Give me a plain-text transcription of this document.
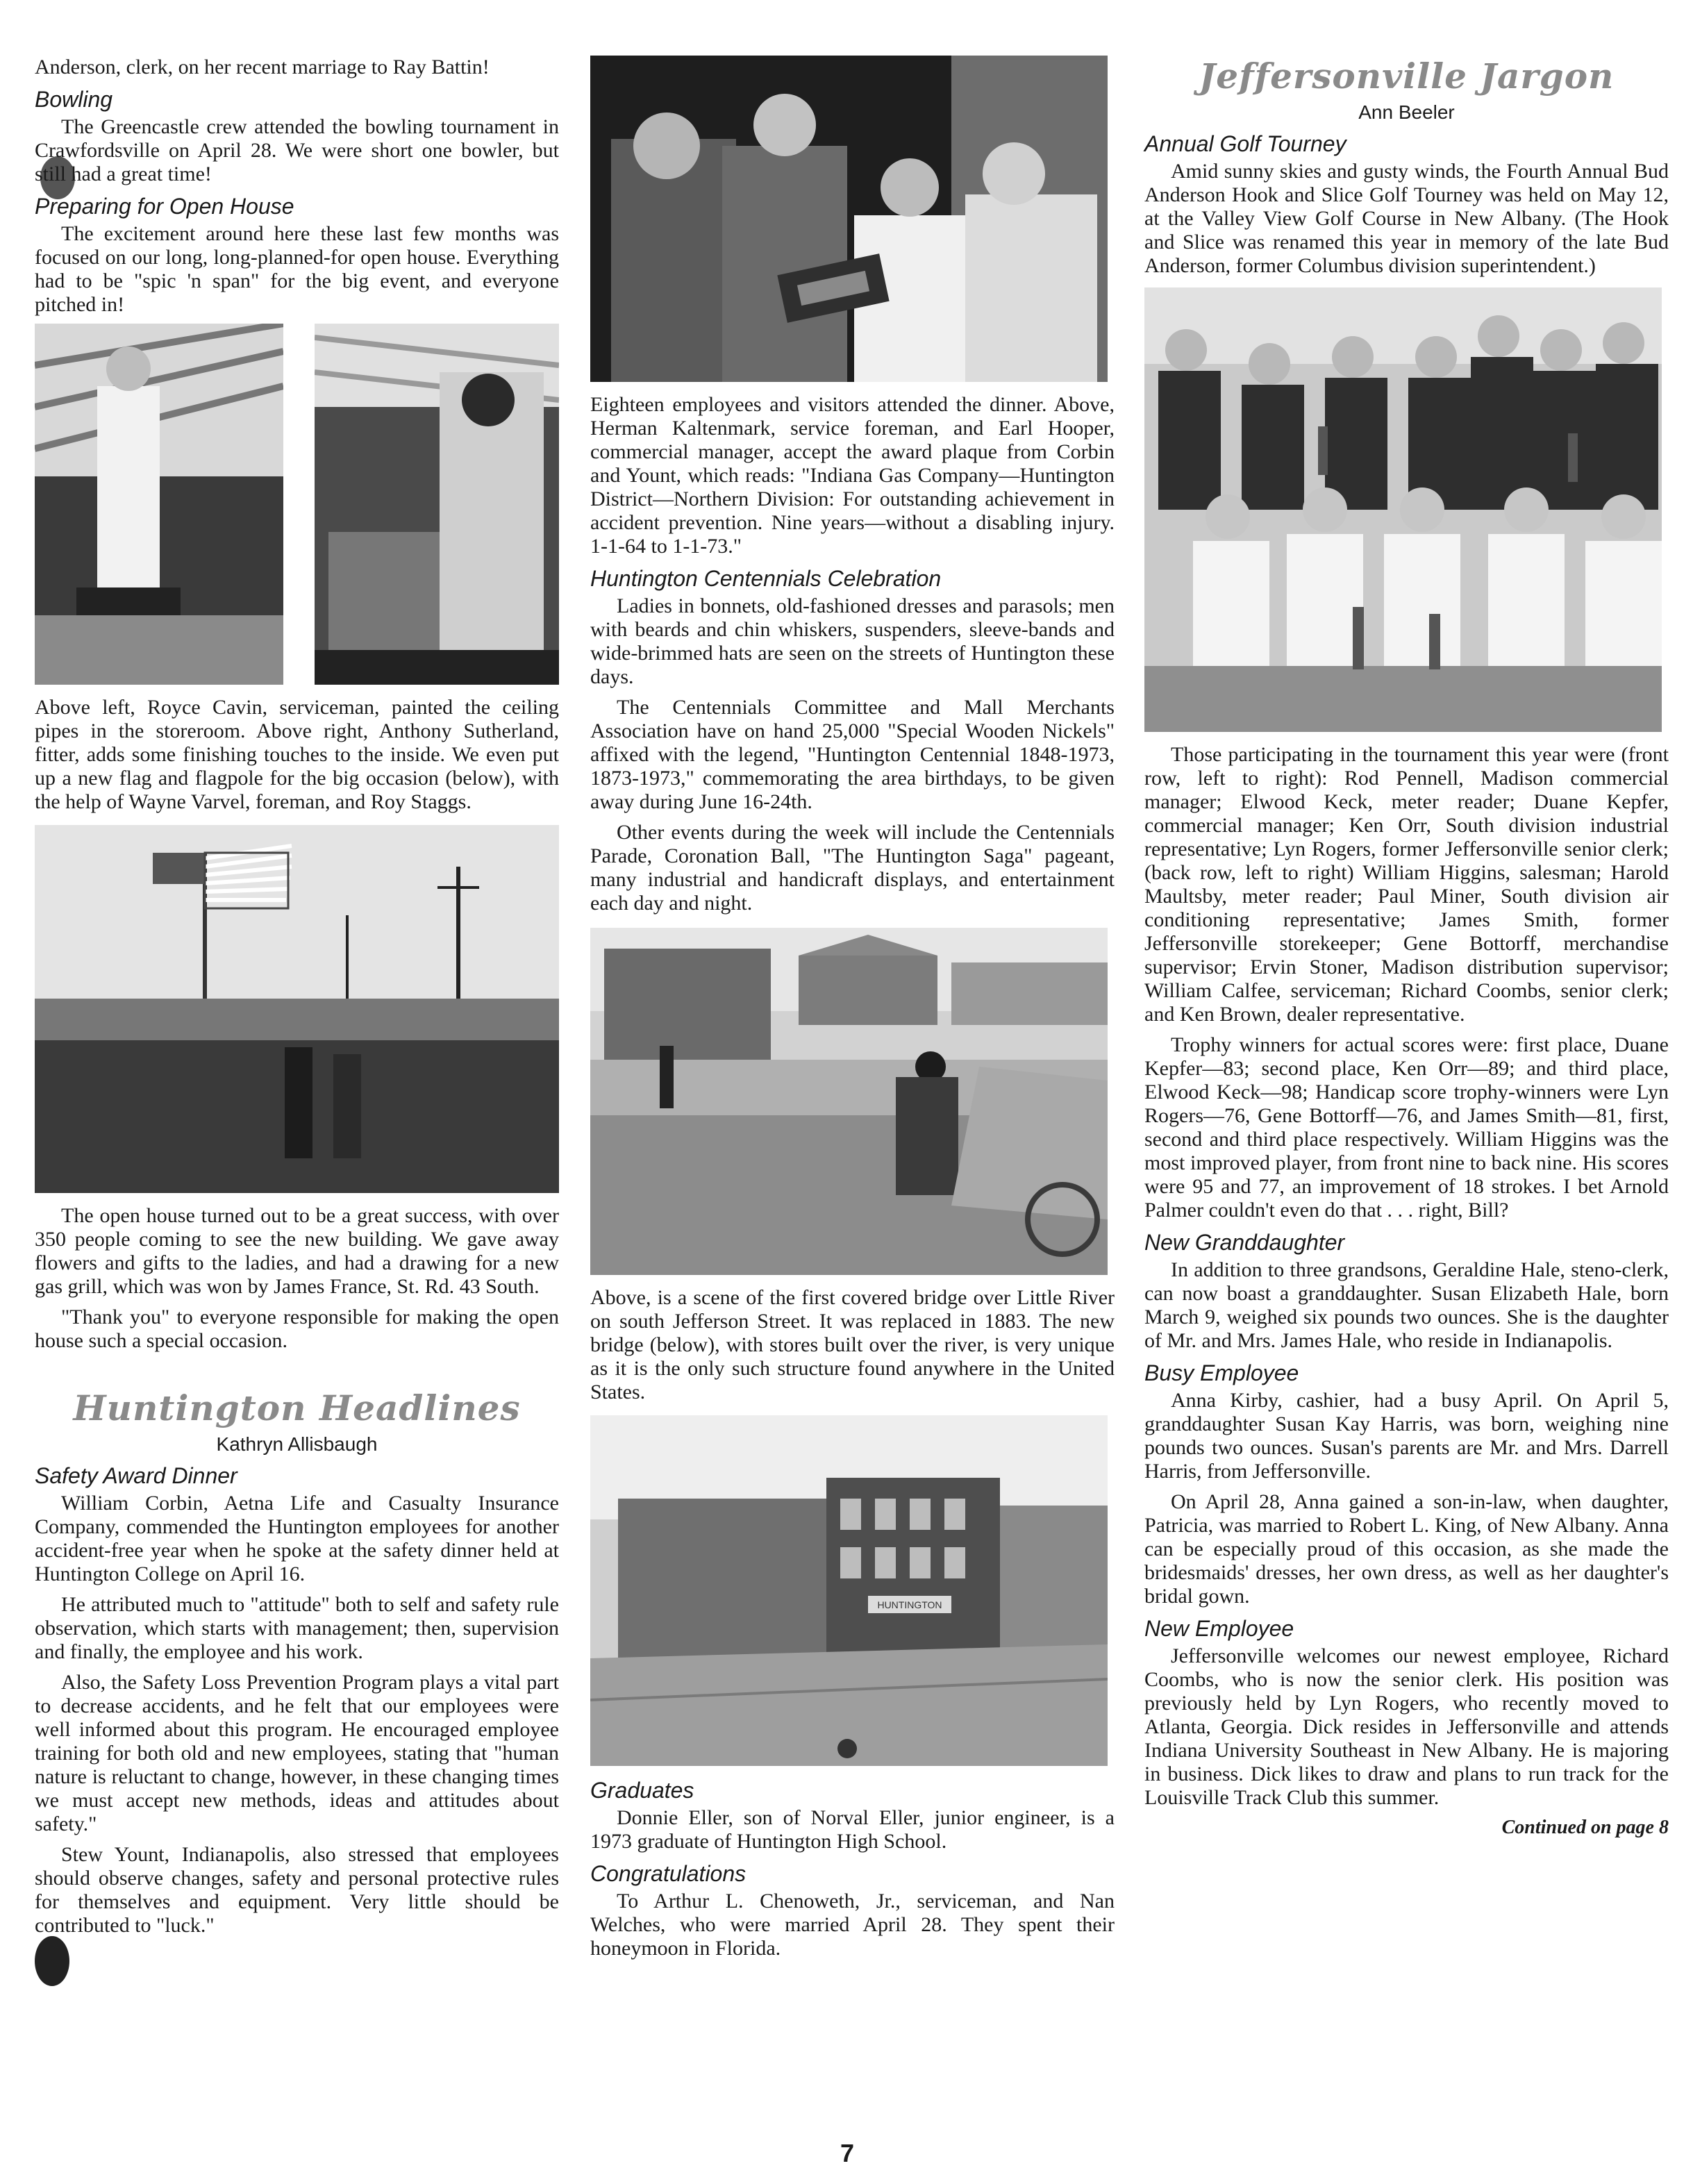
Anderson, clerk, on her recent marriage to Ray Battin!

Bowling

The Greencastle crew attended the bowling tournament in Crawfordsville on April 28. We were short one bowler, but still had a great time!

Preparing for Open House

The excitement around here these last few months was focused on our long, long-planned-for open house. Everything had to be "spic 'n span" for the big event, and everyone pitched in!

Above left, Royce Cavin, serviceman, painted the ceiling pipes in the storeroom. Above right, Anthony Sutherland, fitter, adds some finishing touches to the inside. We even put up a new flag and flagpole for the big occasion (below), with the help of Wayne Varvel, foreman, and Roy Staggs.

The open house turned out to be a great success, with over 350 people coming to see the new building. We gave away flowers and gifts to the ladies, and had a drawing for a new gas grill, which was won by James France, St. Rd. 43 South.

"Thank you" to everyone responsible for making the open house such a special occasion.

Huntington Headlines
Kathryn Allisbaugh
Safety Award Dinner

William Corbin, Aetna Life and Casualty Insurance Company, commended the Huntington employees for another accident-free year when he spoke at the safety dinner held at Huntington College on April 16.

He attributed much to "attitude" both to self and safety rule observation, which starts with management; then, supervision and finally, the employee and his work.

Also, the Safety Loss Prevention Program plays a vital part to decrease accidents, and he felt that our employees were well informed about this program. He encouraged employee training for both old and new employees, stating that "human nature is reluctant to change, however, in these changing times we must accept new methods, ideas and attitudes about safety."

Stew Yount, Indianapolis, also stressed that employees should observe changes, safety and personal protective rules for themselves and equipment. Very little should be contributed to "luck."

Eighteen employees and visitors attended the dinner. Above, Herman Kaltenmark, service foreman, and Earl Hooper, commercial manager, accept the award plaque from Corbin and Yount, which reads: "Indiana Gas Company—Huntington District—Northern Division: For outstanding achievement in accident prevention. Nine years—without a disabling injury. 1-1-64 to 1-1-73."

Huntington Centennials Celebration

Ladies in bonnets, old-fashioned dresses and parasols; men with beards and chin whiskers, suspenders, sleeve-bands and wide-brimmed hats are seen on the streets of Huntington these days.

The Centennials Committee and Mall Merchants Association have on hand 25,000 "Special Wooden Nickels" affixed with the legend, "Huntington Centennial 1848-1973, 1873-1973," commemorating the area birthdays, to be given away during June 16-24th.

Other events during the week will include the Centennials Parade, Coronation Ball, "The Huntington Saga" pageant, many industrial and handicraft displays, and entertainment each day and night.

Above, is a scene of the first covered bridge over Little River on south Jefferson Street. It was replaced in 1883. The new bridge (below), with stores built over the river, is very unique as it is the only such structure found anywhere in the United States.

HUNTINGTON
Graduates

Donnie Eller, son of Norval Eller, junior engineer, is a 1973 graduate of Huntington High School.

Congratulations

To Arthur L. Chenoweth, Jr., serviceman, and Nan Welches, who were married April 28. They spent their honeymoon in Florida.

Jeffersonville Jargon
Ann Beeler
Annual Golf Tourney

Amid sunny skies and gusty winds, the Fourth Annual Bud Anderson Hook and Slice Golf Tourney was held on May 12, at the Valley View Golf Course in New Albany. (The Hook and Slice was renamed this year in memory of the late Bud Anderson, former Columbus division superintendent.)

Those participating in the tournament this year were (front row, left to right): Rod Pennell, Madison commercial manager; Elwood Keck, meter reader; Duane Kepfer, commercial manager; Ken Orr, South division industrial representative; Lyn Rogers, former Jeffersonville senior clerk; (back row, left to right) William Higgins, salesman; Harold Maultsby, meter reader; Paul Miner, South division air conditioning representative; James Smith, former Jeffersonville storekeeper; Gene Bottorff, merchandise supervisor; Ervin Stoner, Madison distribution supervisor; William Calfee, serviceman; Richard Coombs, senior clerk; and Ken Brown, dealer representative.

Trophy winners for actual scores were: first place, Duane Kepfer—83; second place, Ken Orr—89; and third place, Elwood Keck—98; Handicap score trophy-winners were Lyn Rogers—76, Gene Bottorff—76, and James Smith—81, first, second and third place respectively. William Higgins was the most improved player, from front nine to back nine. His scores were 95 and 77, an improvement of 18 strokes. I bet Arnold Palmer couldn't even do that . . . right, Bill?

New Granddaughter

In addition to three grandsons, Geraldine Hale, steno-clerk, can now boast a granddaughter. Susan Elizabeth Hale, born March 9, weighed six pounds two ounces. She is the daughter of Mr. and Mrs. James Hale, who reside in Indianapolis.

Busy Employee

Anna Kirby, cashier, had a busy April. On April 5, granddaughter Susan Kay Harris, was born, weighing nine pounds two ounces. Susan's parents are Mr. and Mrs. Darrell Harris, from Jeffersonville.

On April 28, Anna gained a son-in-law, when daughter, Patricia, was married to Robert L. King, of New Albany. Anna can be especially proud of this occasion, as she made the bridesmaids' dresses, her own dress, as well as her daughter's bridal gown.

New Employee

Jeffersonville welcomes our newest employee, Richard Coombs, who is now the senior clerk. His position was previously held by Lyn Rogers, who recently moved to Atlanta, Georgia. Dick resides in Jeffersonville and attends Indiana University Southeast in New Albany. He is majoring in business. Dick likes to draw and plans to run track for the Louisville Track Club this summer.

Continued on page 8
7
